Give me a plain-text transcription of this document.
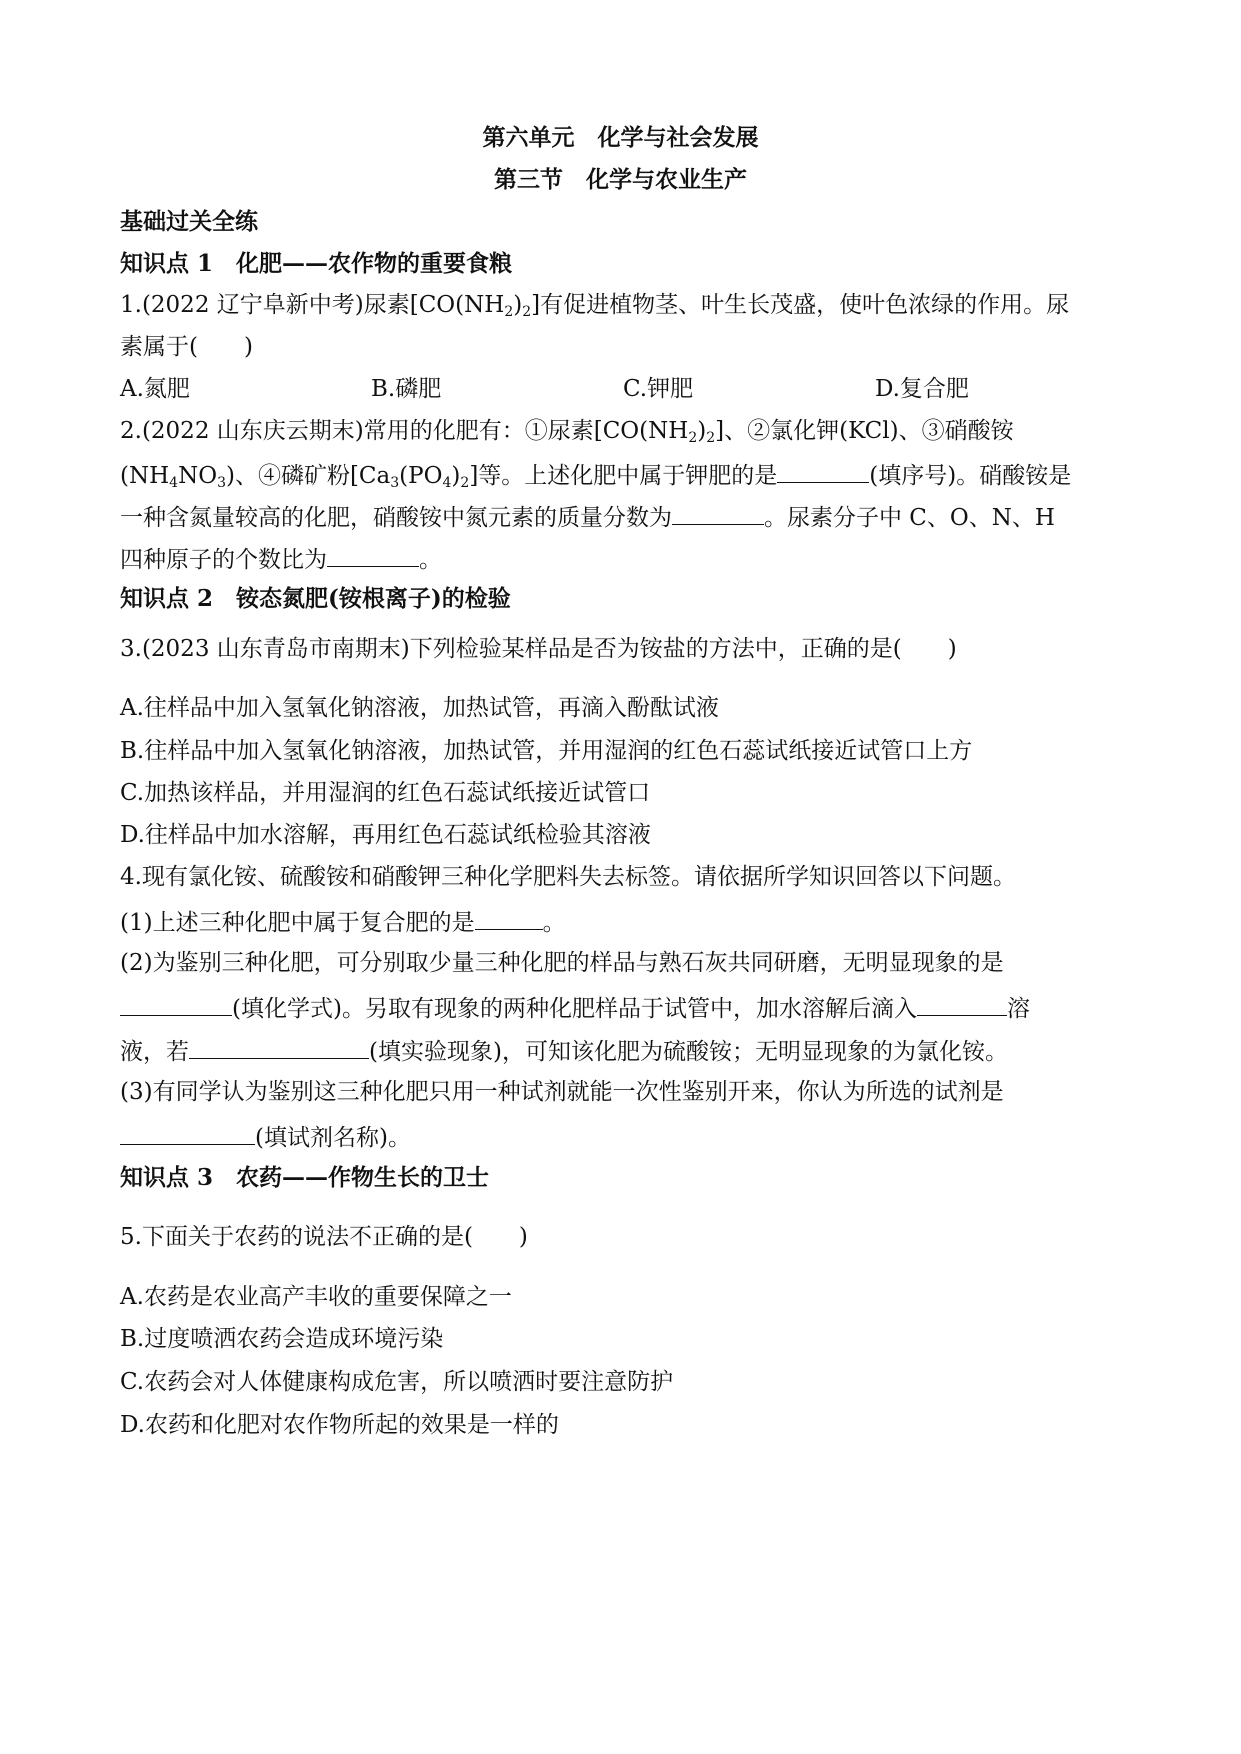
第六单元　化学与社会发展
第三节　化学与农业生产
基础过关全练
知识点 1　化肥——农作物的重要食粮
1.(2022 辽宁阜新中考)尿素$[CO(NH_2)_2]$有促进植物茎、叶生长茂盛，使叶色浓绿的作用。尿
素属于( )
A.氮肥	B.磷肥	C.钾肥	D.复合肥
2.(2022 山东庆云期末)常用的化肥有：①尿素$[CO(NH_2)_2]$、②氯化钾(KCl)、③硝酸铵
$(NH_4NO_3)$、④磷矿粉$[Ca_3(PO_4)_2]$等。上述化肥中属于钾肥的是	(填序号)。硝酸铵是
一种含氮量较高的化肥，硝酸铵中氮元素的质量分数为	。尿素分子中 C、O、N、H
四种原子的个数比为	。
知识点 2　铵态氮肥(铵根离子)的检验
3.(2023 山东青岛市南期末)下列检验某样品是否为铵盐的方法中，正确的是( )
A.往样品中加入氢氧化钠溶液，加热试管，再滴入酚酞试液
B.往样品中加入氢氧化钠溶液，加热试管，并用湿润的红色石蕊试纸接近试管口上方
C.加热该样品，并用湿润的红色石蕊试纸接近试管口
D.往样品中加水溶解，再用红色石蕊试纸检验其溶液
4.现有氯化铵、硫酸铵和硝酸钾三种化学肥料失去标签。请依据所学知识回答以下问题。
(1)上述三种化肥中属于复合肥的是	。
(2)为鉴别三种化肥，可分别取少量三种化肥的样品与熟石灰共同研磨，无明显现象的是
(填化学式)。另取有现象的两种化肥样品于试管中，加水溶解后滴入	溶
液，若	(填实验现象)，可知该化肥为硫酸铵；无明显现象的为氯化铵。
(3)有同学认为鉴别这三种化肥只用一种试剂就能一次性鉴别开来，你认为所选的试剂是
(填试剂名称)。
知识点 3　农药——作物生长的卫士
5.下面关于农药的说法不正确的是( )
A.农药是农业高产丰收的重要保障之一
B.过度喷洒农药会造成环境污染
C.农药会对人体健康构成危害，所以喷洒时要注意防护
D.农药和化肥对农作物所起的效果是一样的
